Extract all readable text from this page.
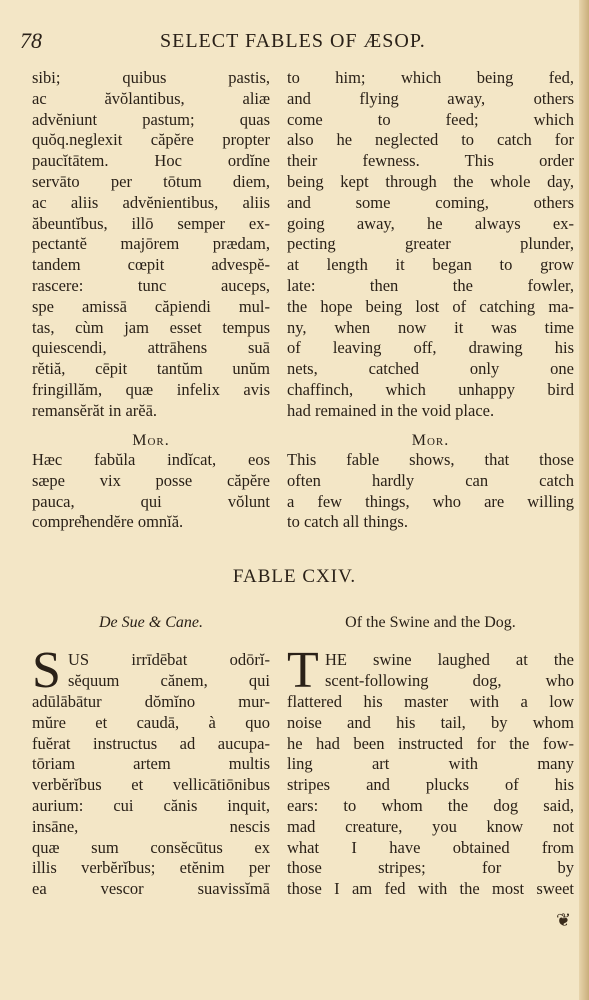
78	SELECT FABLES OF ÆSOP.
sibi; quibus pastis,
ac ăvŏlantibus, aliæ
advĕniunt pastum; quas
quŏq.neglexit căpĕre propter
paucĭtātem. Hoc ordĭne
servāto per tōtum diem,
ac aliis advĕnientibus, aliis
ăbeuntĭbus, illō semper ex-
pectantĕ majōrem prædam,
tandem cœpit advespĕ-
rascere: tunc auceps,
spe amissā căpiendi mul-
tas, cùm jam esset tempus
quiescendi, attrāhens suā
rĕtiă, cēpit tantŭm unŭm
fringillăm, quæ infelix avis
remansĕrăt in arĕā.
to him; which being fed,
and flying away, others
come to feed; which
also he neglected to catch for
their fewness. This order
being kept through the whole day,
and some coming, others
going away, he always ex-
pecting greater plunder,
at length it began to grow
late: then the fowler,
the hope being lost of catching ma-
ny, when now it was time
of leaving off, drawing his
nets, catched only one
chaffinch, which unhappy bird
had remained in the void place.
Mor.	Mor.
Hæc fabŭla indĭcat, eos
sæpe vix posse căpĕre
pauca, qui vŏlunt
compre̊hendĕre omnĭă.
This fable shows, that those
often hardly can catch
a few things, who are willing
to catch all things.
FABLE CXIV.
De Sue & Cane.	Of the Swine and the Dog.
S US irrīdēbat odōrĭ-
sĕquum cănem, qui
adūlābātur dŏmĭno mur-
mŭre et caudā, à quo
fuĕrat instructus ad aucupa-
tōriam artem multis
verbĕrĭbus et vellicātiōnibus
aurium: cui cănis inquit,
insāne, nescis
quæ sum consĕcūtus ex
illis verbĕrĭbus; etĕnim per
ea vescor suavissĭmā
T HE swine laughed at the
scent-following dog, who
flattered his master with a low
noise and his tail, by whom
he had been instructed for the fow-
ling art with many
stripes and plucks of his
ears: to whom the dog said,
mad creature, you know not
what I have obtained from
those stripes; for by
those I am fed with the most sweet
❦
